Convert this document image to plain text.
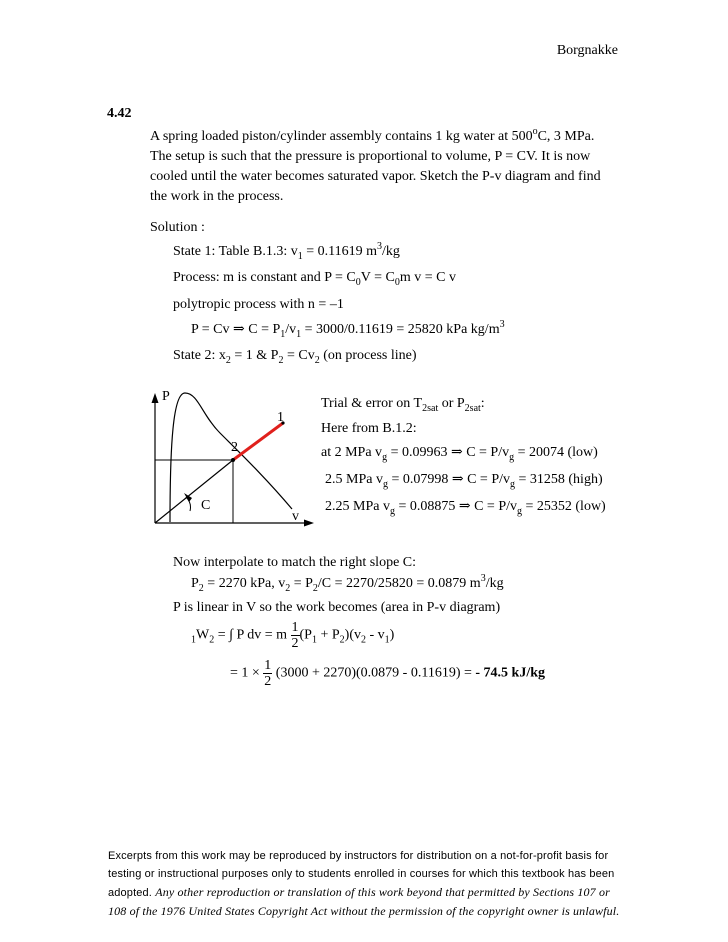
Borgnakke
4.42
A spring loaded piston/cylinder assembly contains 1 kg water at 500$^o$C, 3 MPa.
The setup is such that the pressure is proportional to volume, P = CV. It is now
cooled until the water becomes saturated vapor. Sketch the P-v diagram and find
the work in the process.
Solution :
State 1: Table B.1.3: $v_1 = 0.11619$ $m^3/kg$
Process: m is constant and $P = C_0V = C_0m$ v = C v
polytropic process with n = –1
P = Cv ⇒ $C = P_1/v_1 = 3000/0.11619 = 25820$ kPa $kg/m^3$
State 2: $x_2 = 1$ & $P_2 = Cv_2$ (on process line)
P
v
1
2
C
Trial & error on $T_{2sat}$ or $P_{2sat}$:
Here from B.1.2:
at 2 MPa $v_g = 0.09963$ ⇒ $C = P/v_g = 20074$ (low)
2.5 MPa $v_g = 0.07998$ ⇒ $C = P/v_g = 31258$ (high)
2.25 MPa $v_g = 0.08875$ ⇒ $C = P/v_g = 25352$ (low)
Now interpolate to match the right slope C:
$P_2 = 2270$ kPa, $v_2 = P_2/C = 2270/25820 = 0.0879$ $m^3/kg$
P is linear in V so the work becomes (area in P-v diagram)
$_1W_2$ = ∫ P dv = m $\frac{1}{2} (P_1 + P_2)(v_2 - v_1)$
= $1 \times \frac{1}{2} (3000 + 2270)(0.0879 - 0.11619)$ = - 74.5 kJ/kg
Excerpts from this work may be reproduced by instructors for distribution on a not-for-profit basis for testing or instructional purposes only to students enrolled in courses for which this textbook has been adopted. Any other reproduction or translation of this work beyond that permitted by Sections 107 or 108 of the 1976 United States Copyright Act without the permission of the copyright owner is unlawful.
